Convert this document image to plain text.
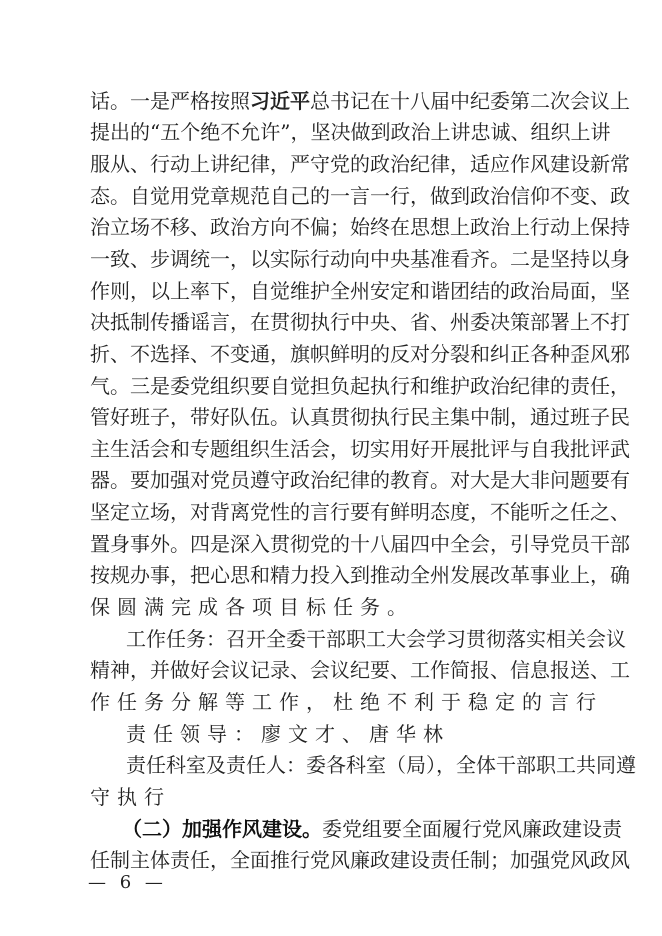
话。一是严格按照习近平总书记在十八届中纪委第二次会议上
提出的“五个绝不允许”，坚决做到政治上讲忠诚、组织上讲
服从、行动上讲纪律，严守党的政治纪律，适应作风建设新常
态。自觉用党章规范自己的一言一行，做到政治信仰不变、政
治立场不移、政治方向不偏；始终在思想上政治上行动上保持
一致、步调统一，以实际行动向中央基准看齐。二是坚持以身
作则，以上率下，自觉维护全州安定和谐团结的政治局面，坚
决抵制传播谣言，在贯彻执行中央、省、州委决策部署上不打
折、不选择、不变通，旗帜鲜明的反对分裂和纠正各种歪风邪
气。三是委党组织要自觉担负起执行和维护政治纪律的责任，
管好班子，带好队伍。认真贯彻执行民主集中制，通过班子民
主生活会和专题组织生活会，切实用好开展批评与自我批评武
器。要加强对党员遵守政治纪律的教育。对大是大非问题要有
坚定立场，对背离党性的言行要有鲜明态度，不能听之任之、
置身事外。四是深入贯彻党的十八届四中全会，引导党员干部
按规办事，把心思和精力投入到推动全州发展改革事业上，确
保圆满完成各项目标任务。
工作任务：召开全委干部职工大会学习贯彻落实相关会议
精神，并做好会议记录、会议纪要、工作简报、信息报送、工
作任务分解等工作，杜绝不利于稳定的言行
责任领导：廖文才、唐华林
责任科室及责任人：委各科室（局），全体干部职工共同遵
守执行
（二）加强作风建设。委党组要全面履行党风廉政建设责
任制主体责任，全面推行党风廉政建设责任制；加强党风政风
— 6 —
